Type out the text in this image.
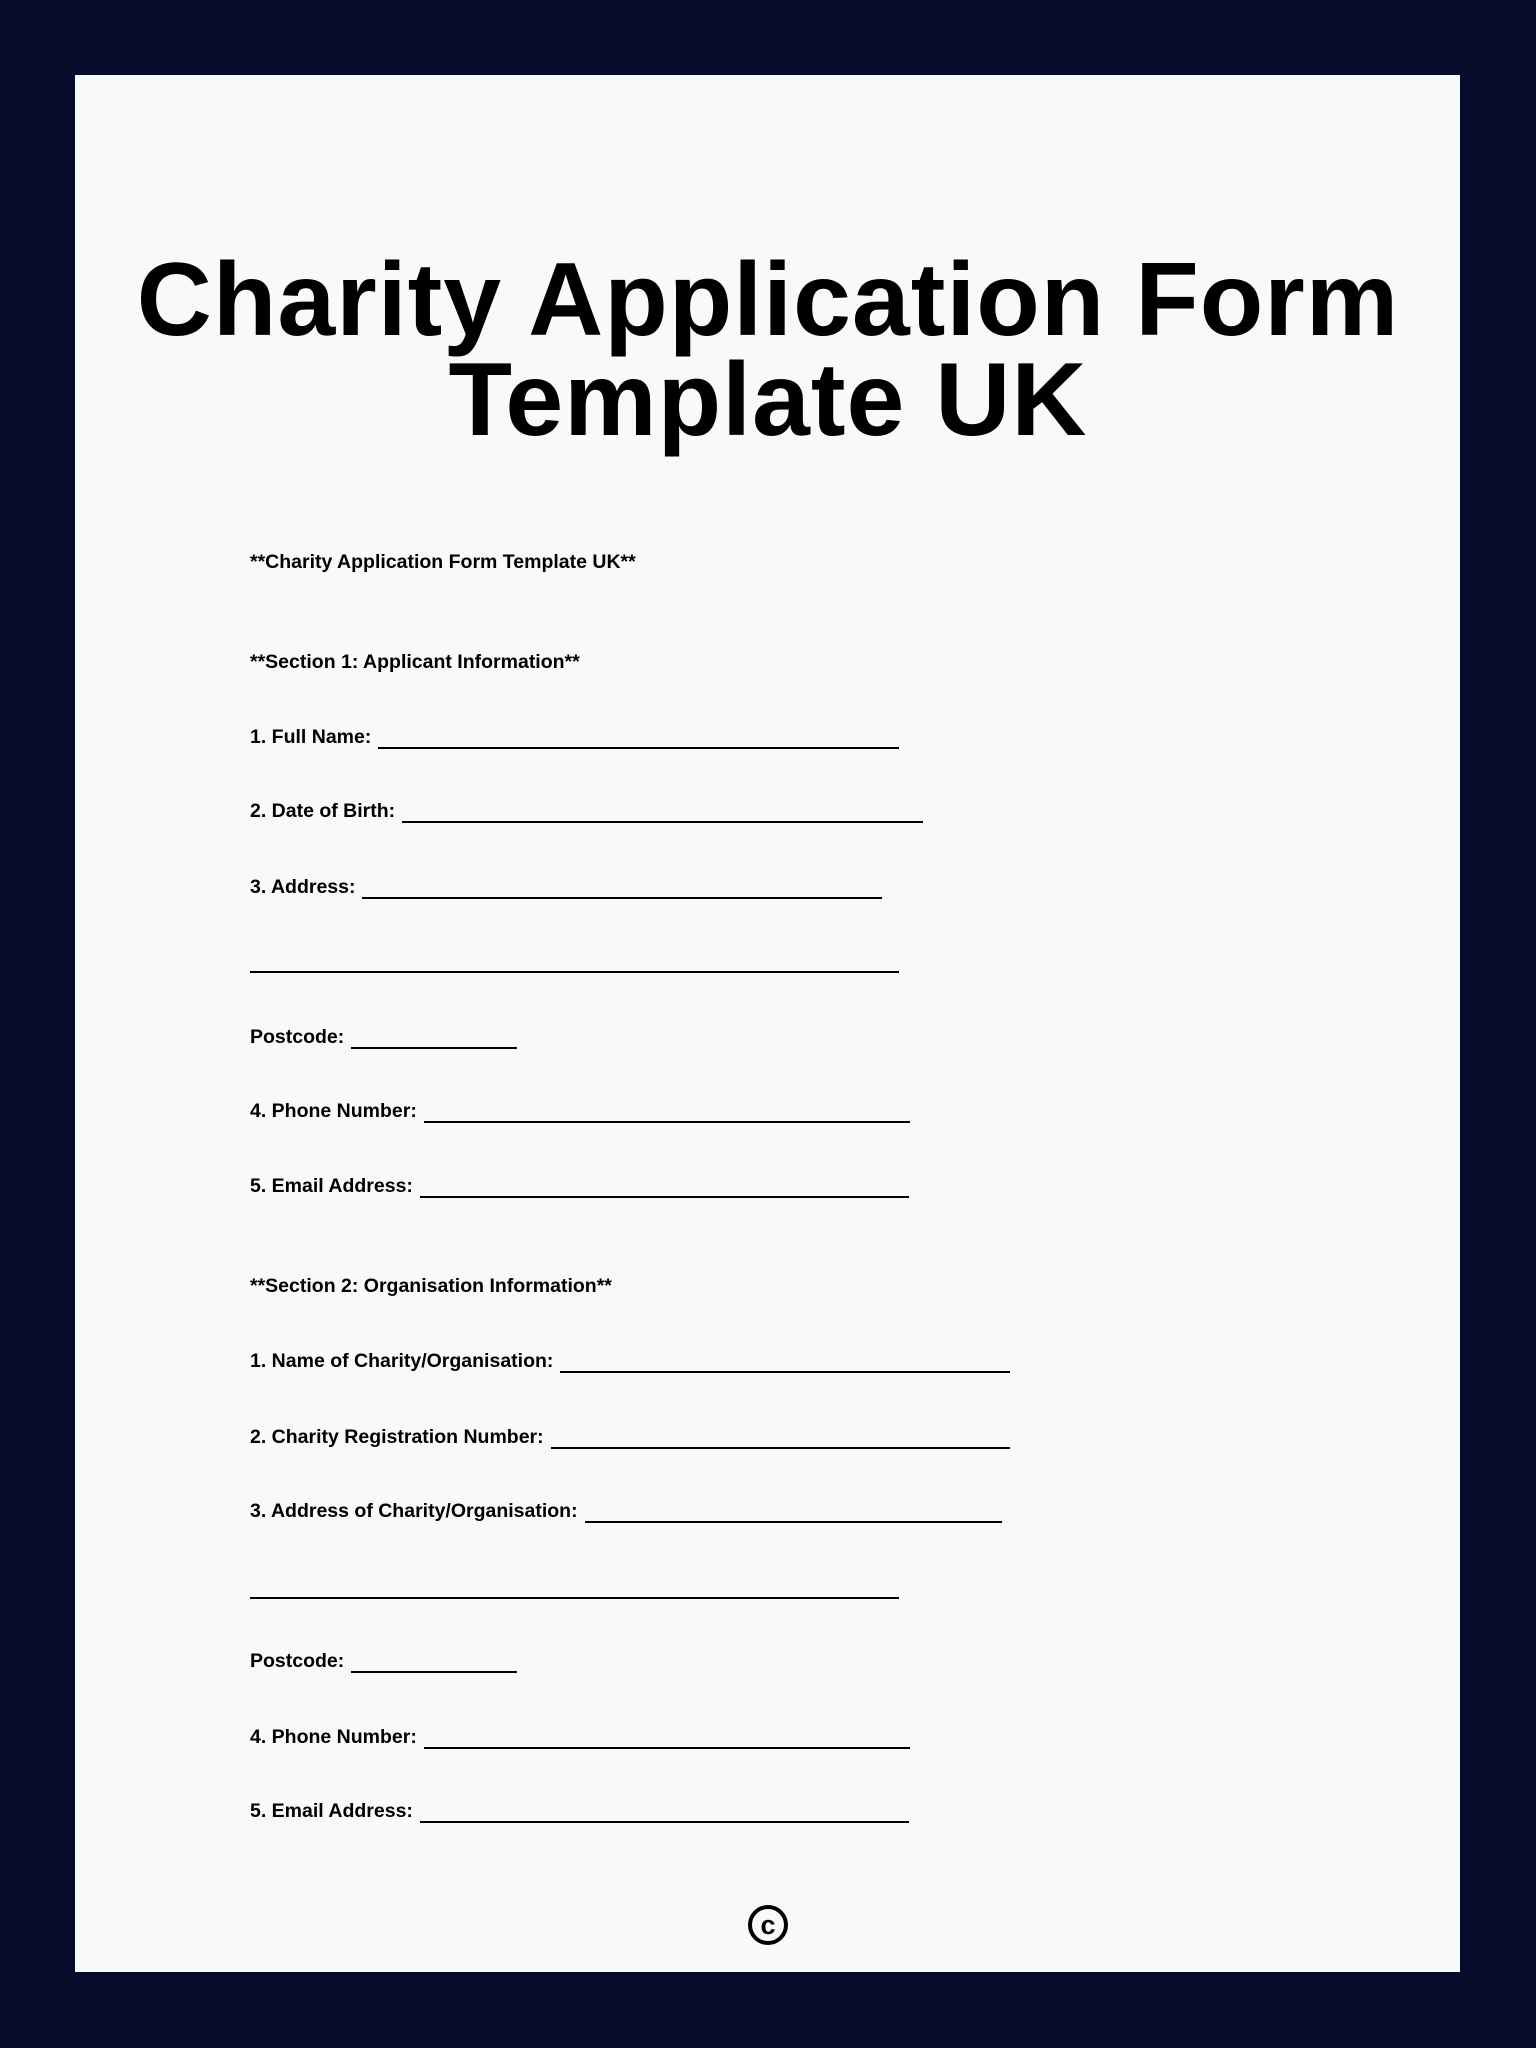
Charity Application Form
Template UK
**Charity Application Form Template UK**
**Section 1: Applicant Information**
1. Full Name:
2. Date of Birth:
3. Address:
Postcode:
4. Phone Number:
5. Email Address:
**Section 2: Organisation Information**
1. Name of Charity/Organisation:
2. Charity Registration Number:
3. Address of Charity/Organisation:
Postcode:
4. Phone Number:
5. Email Address:
c
